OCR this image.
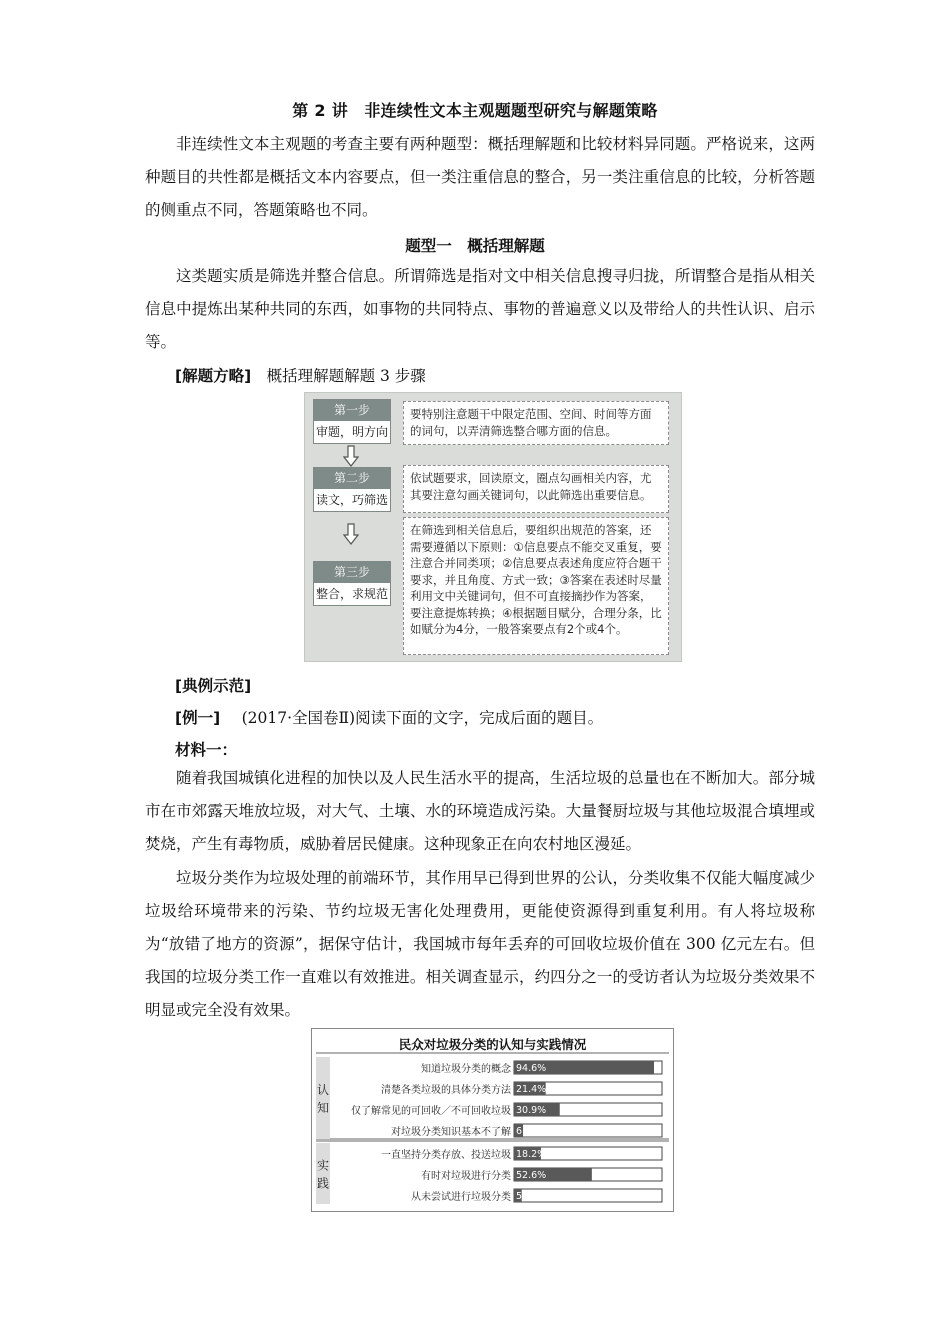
第 2 讲　非连续性文本主观题题型研究与解题策略

非连续性文本主观题的考查主要有两种题型：概括理解题和比较材料异同题。严格说来，这两种题目的共性都是概括文本内容要点，但一类注重信息的整合，另一类注重信息的比较，分析答题的侧重点不同，答题策略也不同。

题型一　概括理解题

这类题实质是筛选并整合信息。所谓筛选是指对文中相关信息搜寻归拢，所谓整合是指从相关信息中提炼出某种共同的东西，如事物的共同特点、事物的普遍意义以及带给人的共性认识、启示等。

[解题方略] 概括理解题解题 3 步骤
第一步
审题，明方向
要特别注意题干中限定范围、空间、时间等方面的词句，以弄清筛选整合哪方面的信息。
第二步
读文，巧筛选
依试题要求，回读原文，圈点勾画相关内容，尤其要注意勾画关键词句，以此筛选出重要信息。
第三步
整合，求规范
在筛选到相关信息后，要组织出规范的答案，还需要遵循以下原则：①信息要点不能交叉重复，要注意合并同类项；②信息要点表述角度应符合题干要求，并且角度、方式一致；③答案在表述时尽量利用文中关键词句，但不可直接摘抄作为答案，要注意提炼转换；④根据题目赋分，合理分条，比如赋分为4分，一般答案要点有2个或4个。
[典例示范]
[例一] (2017·全国卷Ⅱ)阅读下面的文字，完成后面的题目。
材料一：

随着我国城镇化进程的加快以及人民生活水平的提高，生活垃圾的总量也在不断加大。部分城市在市郊露天堆放垃圾，对大气、土壤、水的环境造成污染。大量餐厨垃圾与其他垃圾混合填埋或焚烧，产生有毒物质，威胁着居民健康。这种现象正在向农村地区漫延。

垃圾分类作为垃圾处理的前端环节，其作用早已得到世界的公认，分类收集不仅能大幅度减少垃圾给环境带来的污染、节约垃圾无害化处理费用，更能使资源得到重复利用。有人将垃圾称为“放错了地方的资源”，据保守估计，我国城市每年丢弃的可回收垃圾价值在 300 亿元左右。但我国的垃圾分类工作一直难以有效推进。相关调查显示，约四分之一的受访者认为垃圾分类效果不明显或完全没有效果。

民众对垃圾分类的认知与实践情况
认
知
知道垃圾分类的概念 94.6%
清楚各类垃圾的具体分类方法 21.4%
仅了解常见的可回收／不可回收垃圾 30.9%
对垃圾分类知识基本不了解 6.1%
实
践
一直坚持分类存放、投送垃圾 18.2%
有时对垃圾进行分类 52.6%
从未尝试进行垃圾分类 5.2%
